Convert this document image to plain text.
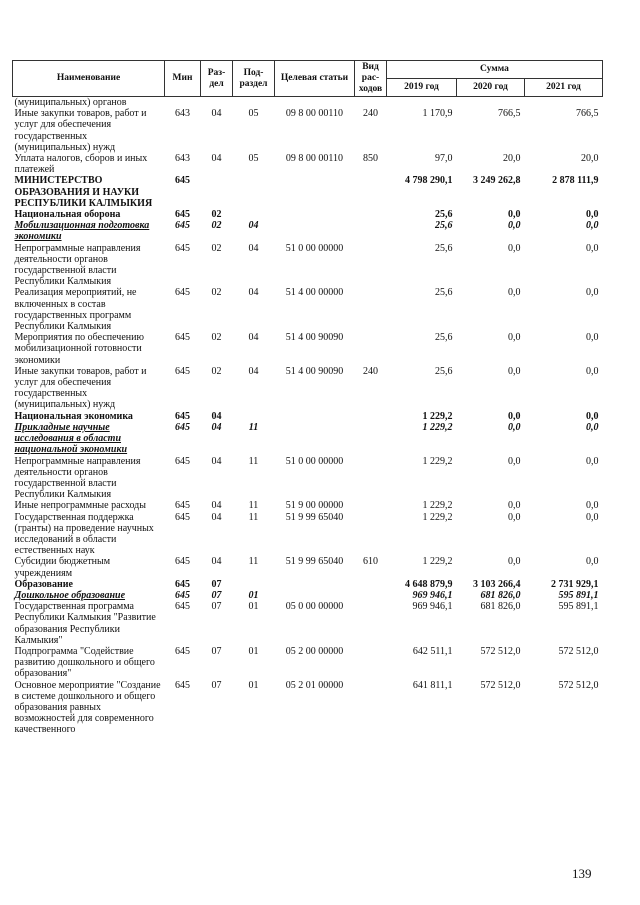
Наименование	Мин	Раз-дел	Под-раздел	Целевая статьи	Вид рас-ходов	Сумма		
						2019 год	2020 год	2021 год
(муниципальных) органов								
Иные закупки товаров, работ и услуг для обеспечения государственных (муниципальных) нужд	643	04	05	09 8 00 00110	240	1 170,9	766,5	766,5
Уплата налогов, сборов и иных платежей	643	04	05	09 8 00 00110	850	97,0	20,0	20,0
МИНИСТЕРСТВО ОБРАЗОВАНИЯ И НАУКИ РЕСПУБЛИКИ КАЛМЫКИЯ	645					4 798 290,1	3 249 262,8	2 878 111,9
Национальная оборона	645	02				25,6	0,0	0,0
Мобилизационная подготовка экономики	645	02	04			25,6	0,0	0,0
Непрограммные направления деятельности органов государственной власти Республики Калмыкия	645	02	04	51 0 00 00000		25,6	0,0	0,0
Реализация мероприятий, не включенных в состав государственных программ Республики Калмыкия	645	02	04	51 4 00 00000		25,6	0,0	0,0
Мероприятия по обеспечению мобилизационной готовности экономики	645	02	04	51 4 00 90090		25,6	0,0	0,0
Иные закупки товаров, работ и услуг для обеспечения государственных (муниципальных) нужд	645	02	04	51 4 00 90090	240	25,6	0,0	0,0
Национальная экономика	645	04				1 229,2	0,0	0,0
Прикладные научные исследования в области национальной экономики	645	04	11			1 229,2	0,0	0,0
Непрограммные направления деятельности органов государственной власти Республики Калмыкия	645	04	11	51 0 00 00000		1 229,2	0,0	0,0
Иные непрограммные расходы	645	04	11	51 9 00 00000		1 229,2	0,0	0,0
Государственная поддержка (гранты) на проведение научных исследований в области естественных наук	645	04	11	51 9 99 65040		1 229,2	0,0	0,0
Субсидии бюджетным учреждениям	645	04	11	51 9 99 65040	610	1 229,2	0,0	0,0
Образование	645	07				4 648 879,9	3 103 266,4	2 731 929,1
Дошкольное образование	645	07	01			969 946,1	681 826,0	595 891,1
Государственная программа Республики Калмыкия "Развитие образования Республики Калмыкия"	645	07	01	05 0 00 00000		969 946,1	681 826,0	595 891,1
Подпрограмма "Содействие развитию дошкольного и общего образования"	645	07	01	05 2 00 00000		642 511,1	572 512,0	572 512,0
Основное мероприятие "Создание в системе дошкольного и общего образования равных возможностей для современного качественного	645	07	01	05 2 01 00000		641 811,1	572 512,0	572 512,0
139
